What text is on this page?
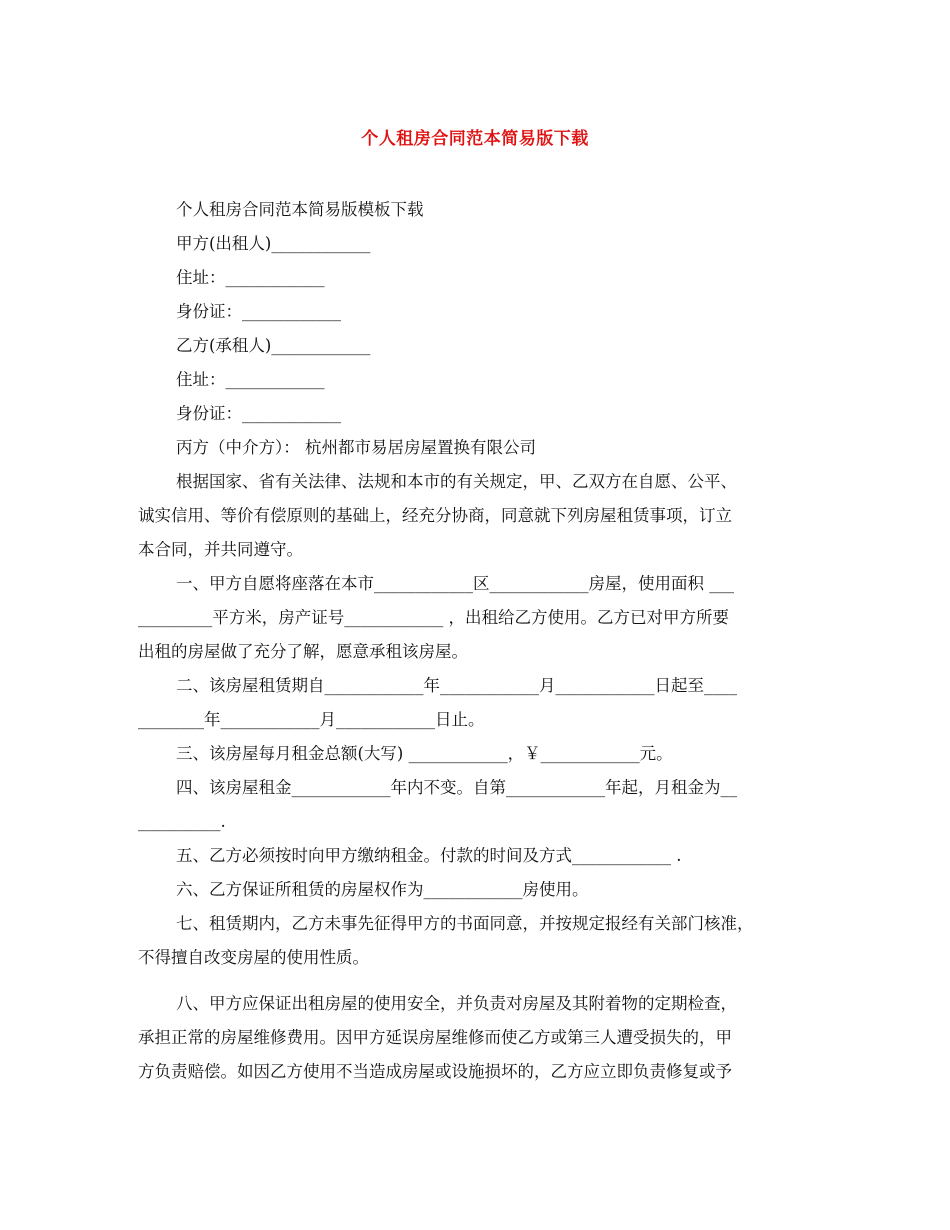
个人租房合同范本简易版下载
个人租房合同范本简易版模板下载
甲方(出租人)____________
住址：____________
身份证：____________
乙方(承租人)____________
住址：____________
身份证：____________
丙方（中介方）： 杭州都市易居房屋置换有限公司
根据国家、省有关法律、法规和本市的有关规定，甲、乙双方在自愿、公平、
诚实信用、等价有偿原则的基础上，经充分协商，同意就下列房屋租赁事项，订立
本合同，并共同遵守。
一、甲方自愿将座落在本市____________区____________房屋，使用面积 ___
_________平方米，房产证号____________ ，出租给乙方使用。乙方已对甲方所要
出租的房屋做了充分了解，愿意承租该房屋。
二、该房屋租赁期自____________年____________月____________日起至____
________年____________月____________日止。
三、该房屋每月租金总额(大写) ____________，￥____________元。
四、该房屋租金____________年内不变。自第____________年起，月租金为__
__________.
五、乙方必须按时向甲方缴纳租金。付款的时间及方式____________ .
六、乙方保证所租赁的房屋权作为____________房使用。
七、租赁期内，乙方未事先征得甲方的书面同意，并按规定报经有关部门核准，
不得擅自改变房屋的使用性质。
八、甲方应保证出租房屋的使用安全，并负责对房屋及其附着物的定期检查，
承担正常的房屋维修费用。因甲方延误房屋维修而使乙方或第三人遭受损失的，甲
方负责赔偿。如因乙方使用不当造成房屋或设施损坏的，乙方应立即负责修复或予
